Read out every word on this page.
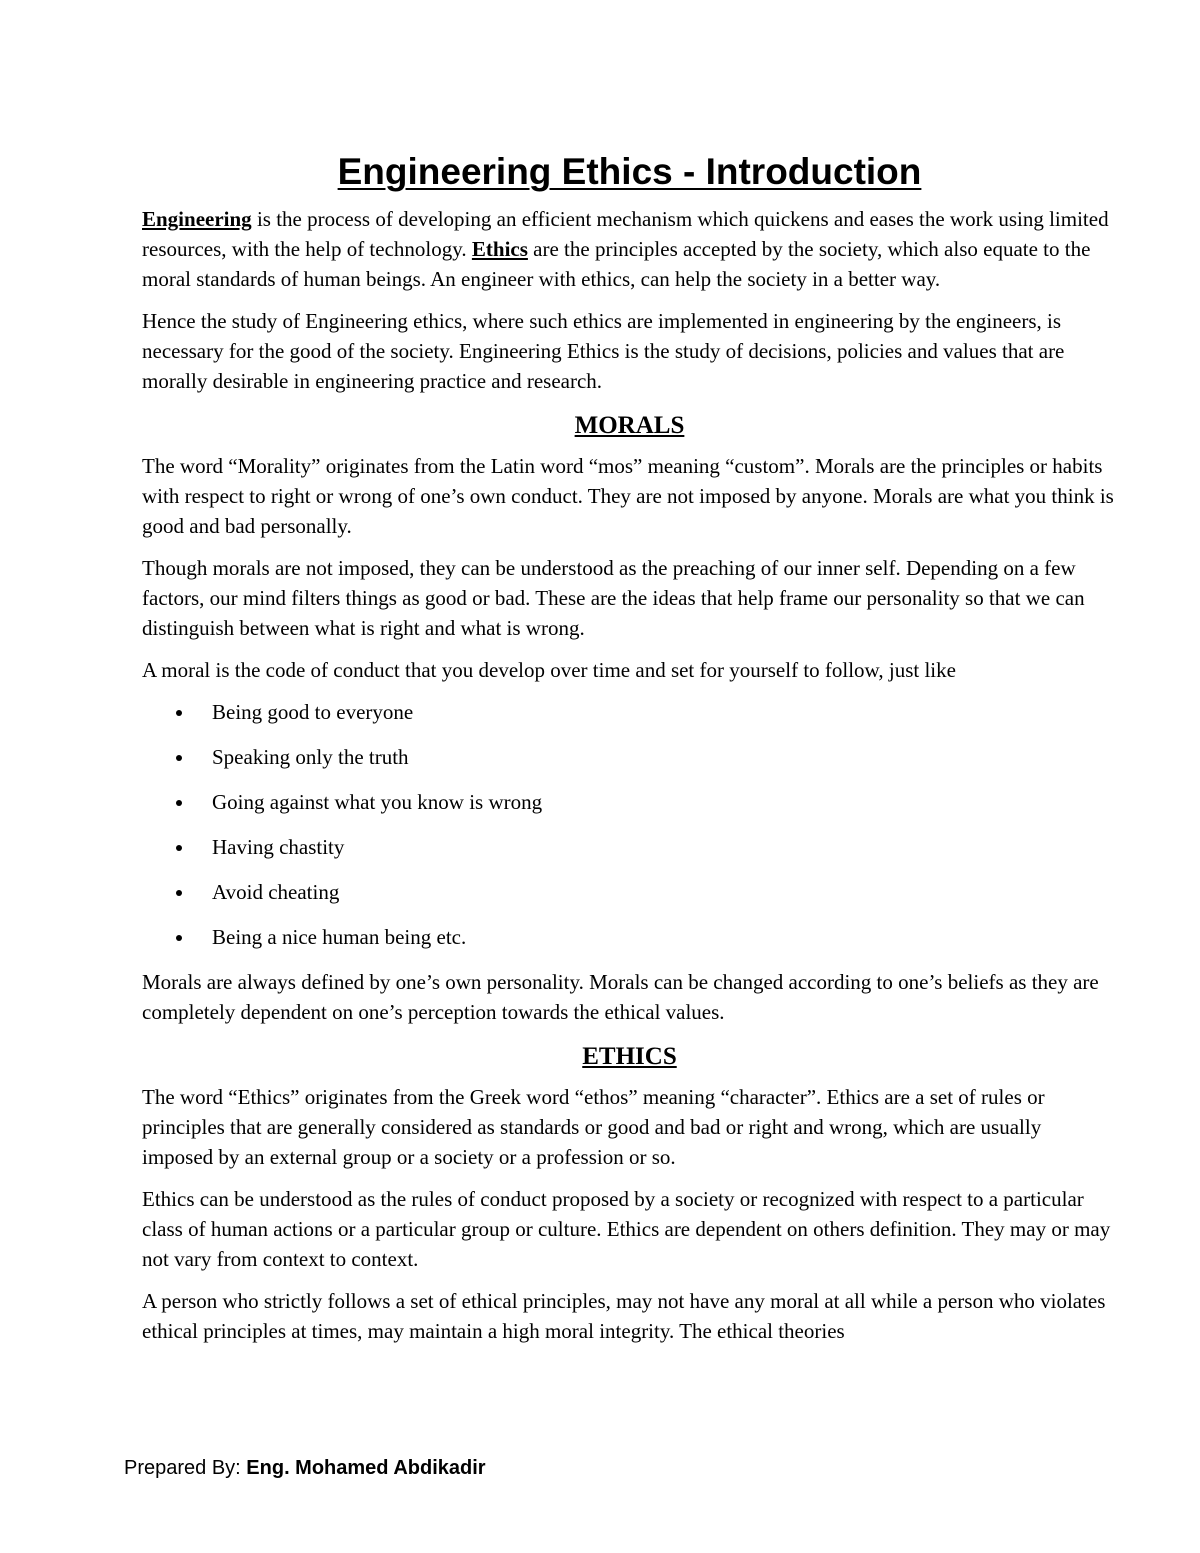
Engineering Ethics - Introduction

Engineering is the process of developing an efficient mechanism which quickens and eases the work using limited resources, with the help of technology. Ethics are the principles accepted by the society, which also equate to the moral standards of human beings. An engineer with ethics, can help the society in a better way.

Hence the study of Engineering ethics, where such ethics are implemented in engineering by the engineers, is necessary for the good of the society. Engineering Ethics is the study of decisions, policies and values that are morally desirable in engineering practice and research.

MORALS

The word “Morality” originates from the Latin word “mos” meaning “custom”. Morals are the principles or habits with respect to right or wrong of one’s own conduct. They are not imposed by anyone. Morals are what you think is good and bad personally.

Though morals are not imposed, they can be understood as the preaching of our inner self. Depending on a few factors, our mind filters things as good or bad. These are the ideas that help frame our personality so that we can distinguish between what is right and what is wrong.

A moral is the code of conduct that you develop over time and set for yourself to follow, just like

Being good to everyone
Speaking only the truth
Going against what you know is wrong
Having chastity
Avoid cheating
Being a nice human being etc.

Morals are always defined by one’s own personality. Morals can be changed according to one’s beliefs as they are completely dependent on one’s perception towards the ethical values.

ETHICS

The word “Ethics” originates from the Greek word “ethos” meaning “character”. Ethics are a set of rules or principles that are generally considered as standards or good and bad or right and wrong, which are usually imposed by an external group or a society or a profession or so.

Ethics can be understood as the rules of conduct proposed by a society or recognized with respect to a particular class of human actions or a particular group or culture. Ethics are dependent on others definition. They may or may not vary from context to context.

A person who strictly follows a set of ethical principles, may not have any moral at all while a person who violates ethical principles at times, may maintain a high moral integrity. The ethical theories

Prepared By: Eng. Mohamed Abdikadir
